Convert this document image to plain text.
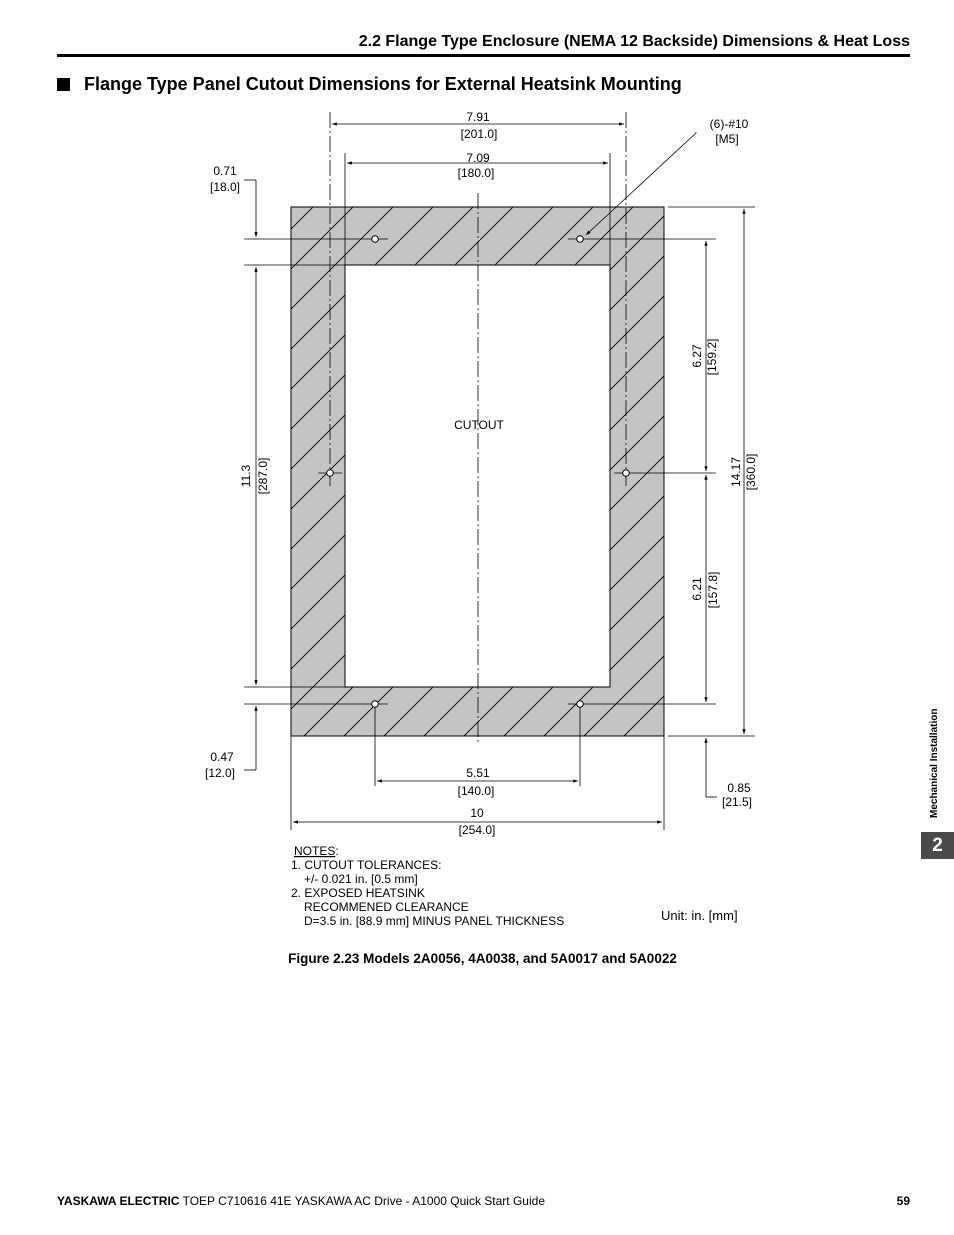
2.2 Flange Type Enclosure (NEMA 12 Backside) Dimensions & Heat Loss
Flange Type Panel Cutout Dimensions for External Heatsink Mounting
CUTOUT
7.91
[201.0]
7.09
[180.0]
(6)-#10
[M5]
0.71
[18.0]
11.3 [287.0]
6.27 [159.2]
6.21 [157.8]
14.17 [360.0]
0.47
[12.0]	5.51
[140.0]
10
[254.0]
0.85
[21.5]
NOTES:
1. CUTOUT TOLERANCES:
+/- 0.021 in. [0.5 mm]
2. EXPOSED HEATSINK
RECOMMENED CLEARANCE
D=3.5 in. [88.9 mm] MINUS PANEL THICKNESS	Unit: in. [mm]
Figure 2.23 Models 2A0056, 4A0038, and 5A0017 and 5A0022
Mechanical Installation
2
YASKAWA ELECTRIC TOEP C710616 41E YASKAWA AC Drive - A1000 Quick Start Guide	59
